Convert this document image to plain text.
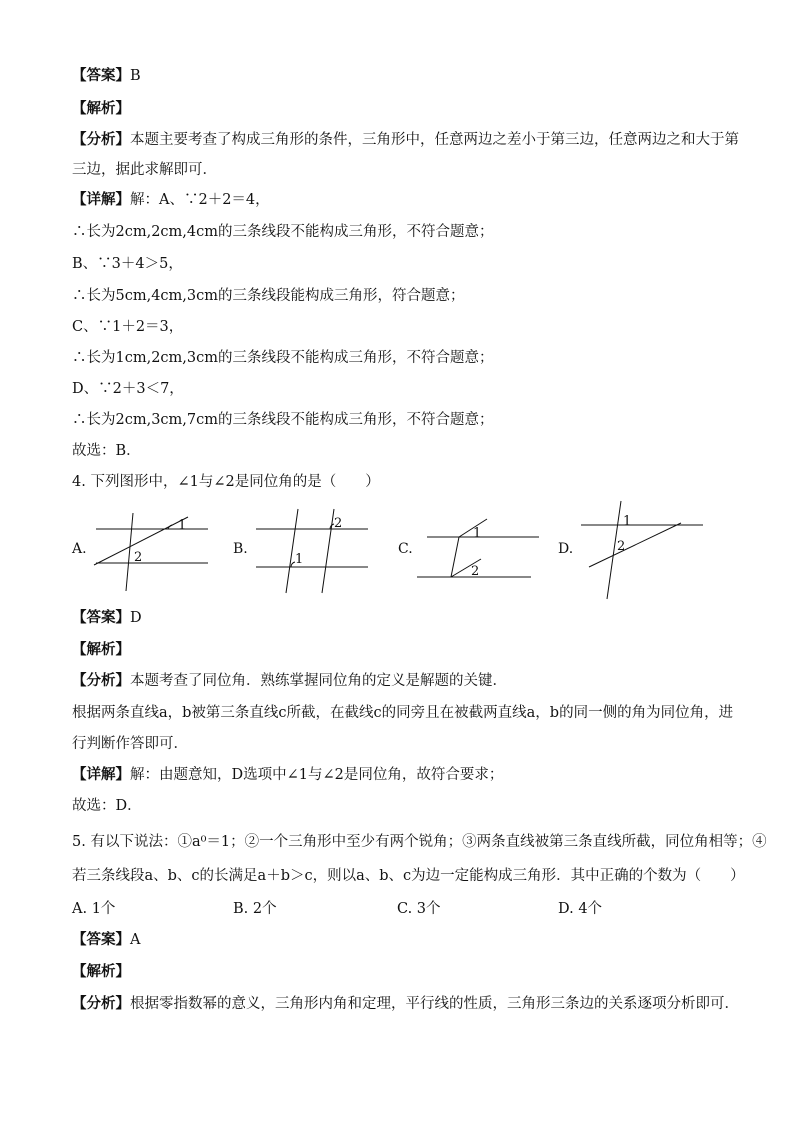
【答案】B
【解析】
【分析】本题主要考查了构成三角形的条件，三角形中，任意两边之差小于第三边，任意两边之和大于第
三边，据此求解即可．
【详解】解：A、∵2＋2＝4，
∴长为2cm,2cm,4cm的三条线段不能构成三角形，不符合题意；
B、∵3＋4＞5，
∴长为5cm,4cm,3cm的三条线段能构成三角形，符合题意；
C、∵1＋2＝3，
∴长为1cm,2cm,3cm的三条线段不能构成三角形，不符合题意；
D、∵2＋3＜7，
∴长为2cm,3cm,7cm的三条线段不能构成三角形，不符合题意；
故选：B．
4. 下列图形中，∠1与∠2是同位角的是（　　）
A.
1
2
B.
2
1
C.
1
2
D.
1
2
【答案】D
【解析】
【分析】本题考查了同位角．熟练掌握同位角的定义是解题的关键．
根据两条直线a，b被第三条直线c所截，在截线c的同旁且在被截两直线a，b的同一侧的角为同位角，进
行判断作答即可．
【详解】解：由题意知，D选项中∠1与∠2是同位角，故符合要求；
故选：D．
5. 有以下说法：①a⁰＝1；②一个三角形中至少有两个锐角；③两条直线被第三条直线所截，同位角相等；④
若三条线段a、b、c的长满足a＋b＞c，则以a、b、c为边一定能构成三角形．其中正确的个数为（　　）
A. 1个	B. 2个	C. 3个	D. 4个
【答案】A
【解析】
【分析】根据零指数幂的意义，三角形内角和定理，平行线的性质，三角形三条边的关系逐项分析即可．
